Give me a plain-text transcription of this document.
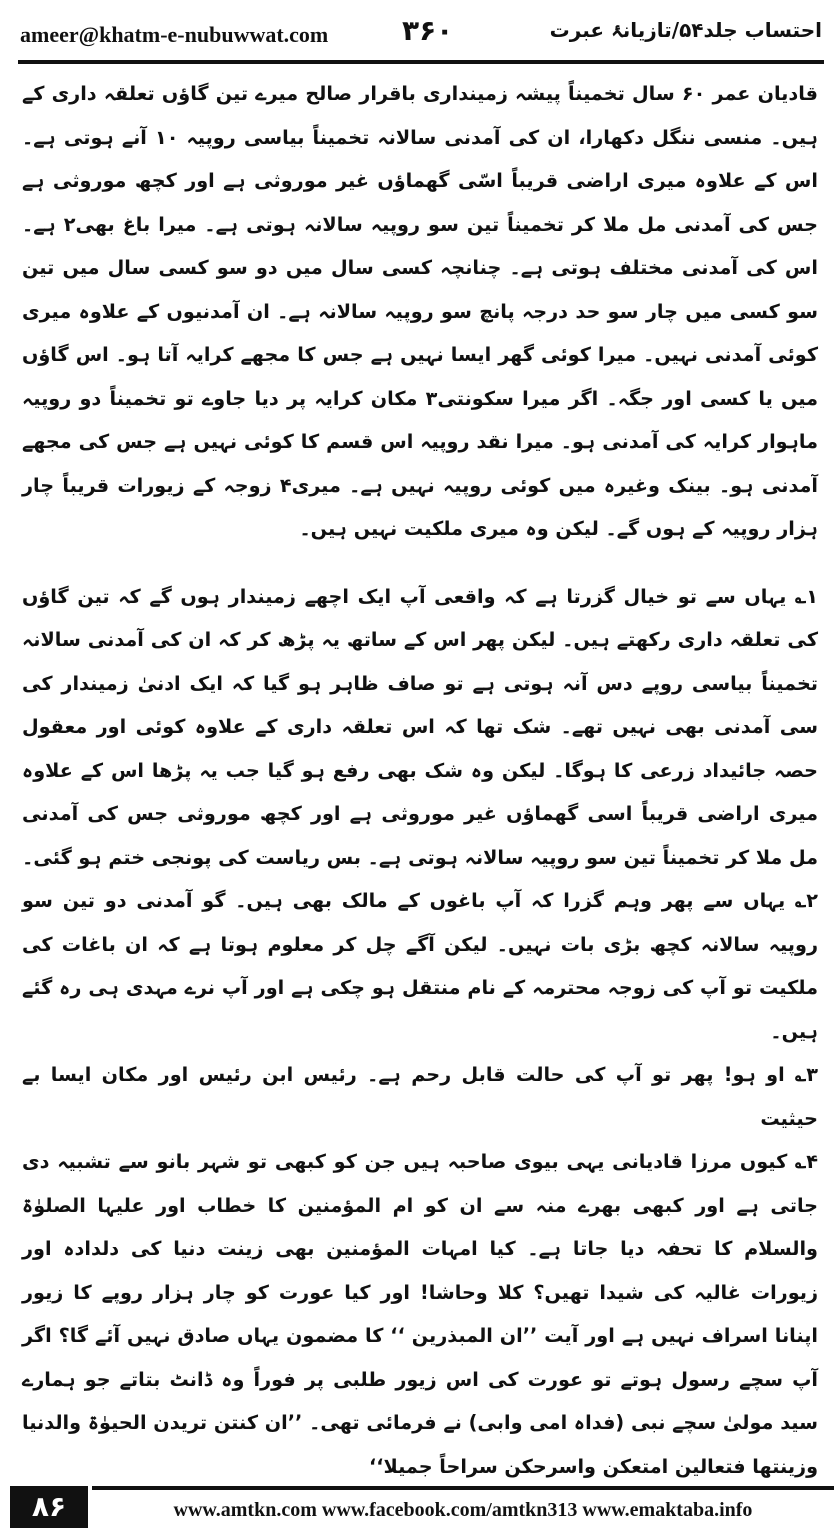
ameer@khatm-e-nubuwwat.com	۳۶۰	احتساب جلد۵۴/تازیانۂ عبرت

قادیان عمر ۶۰ سال تخمیناً پیشہ زمینداری باقرار صالح میرے تین گاؤں تعلقہ داری کے ہیں۔ منسی ننگل دکھارا، ان کی آمدنی سالانہ تخمیناً بیاسی روپیہ ۱۰ آنے ہوتی ہے۔ اس کے علاوہ میری اراضی قریباً اسّی گھماؤں غیر موروثی ہے اور کچھ موروثی ہے جس کی آمدنی مل ملا کر تخمیناً تین سو روپیہ سالانہ ہوتی ہے۔ میرا باغ بھی۲ ہے۔ اس کی آمدنی مختلف ہوتی ہے۔ چنانچہ کسی سال میں دو سو کسی سال میں تین سو کسی میں چار سو حد درجہ پانچ سو روپیہ سالانہ ہے۔ ان آمدنیوں کے علاوہ میری کوئی آمدنی نہیں۔ میرا کوئی گھر ایسا نہیں ہے جس کا مجھے کرایہ آتا ہو۔ اس گاؤں میں یا کسی اور جگہ۔ اگر میرا سکونتی۳ مکان کرایہ پر دیا جاوے تو تخمیناً دو روپیہ ماہوار کرایہ کی آمدنی ہو۔ میرا نقد روپیہ اس قسم کا کوئی نہیں ہے جس کی مجھے آمدنی ہو۔ بینک وغیرہ میں کوئی روپیہ نہیں ہے۔ میری۴ زوجہ کے زیورات قریباً چار ہزار روپیہ کے ہوں گے۔ لیکن وہ میری ملکیت نہیں ہیں۔

۱؎ یہاں سے تو خیال گزرتا ہے کہ واقعی آپ ایک اچھے زمیندار ہوں گے کہ تین گاؤں کی تعلقہ داری رکھتے ہیں۔ لیکن پھر اس کے ساتھ یہ پڑھ کر کہ ان کی آمدنی سالانہ تخمیناً بیاسی روپے دس آنہ ہوتی ہے تو صاف ظاہر ہو گیا کہ ایک ادنیٰ زمیندار کی سی آمدنی بھی نہیں تھے۔ شک تھا کہ اس تعلقہ داری کے علاوہ کوئی اور معقول حصہ جائیداد زرعی کا ہوگا۔ لیکن وہ شک بھی رفع ہو گیا جب یہ پڑھا اس کے علاوہ میری اراضی قریباً اسی گھماؤں غیر موروثی ہے اور کچھ موروثی جس کی آمدنی مل ملا کر تخمیناً تین سو روپیہ سالانہ ہوتی ہے۔ بس ریاست کی پونجی ختم ہو گئی۔

۲؎ یہاں سے پھر وہم گزرا کہ آپ باغوں کے مالک بھی ہیں۔ گو آمدنی دو تین سو روپیہ سالانہ کچھ بڑی بات نہیں۔ لیکن آگے چل کر معلوم ہوتا ہے کہ ان باغات کی ملکیت تو آپ کی زوجہ محترمہ کے نام منتقل ہو چکی ہے اور آپ نرے مہدی ہی رہ گئے ہیں۔

۳؎ او ہو! پھر تو آپ کی حالت قابل رحم ہے۔ رئیس ابن رئیس اور مکان ایسا بے حیثیت

۴؎ کیوں مرزا قادیانی یہی بیوی صاحبہ ہیں جن کو کبھی تو شہر بانو سے تشبیہ دی جاتی ہے اور کبھی بھرے منہ سے ان کو ام المؤمنین کا خطاب اور علیہا الصلوٰۃ والسلام کا تحفہ دیا جاتا ہے۔ کیا امہات المؤمنین بھی زینت دنیا کی دلدادہ اور زیورات غالیہ کی شیدا تھیں؟ کلا وحاشا! اور کیا عورت کو چار ہزار روپے کا زیور اپنانا اسراف نہیں ہے اور آیت ’’ان المبذرین ‘‘ کا مضمون یہاں صادق نہیں آئے گا؟ اگر آپ سچے رسول ہوتے تو عورت کی اس زیور طلبی پر فوراً وہ ڈانٹ بتاتے جو ہمارے سید مولیٰ سچے نبی (فداہ امی وابی) نے فرمائی تھی۔ ’’ان کنتن تریدن الحیوٰۃ والدنیا وزینتھا فتعالین امتعکن واسرحکن سراحاً جمیلا‘‘

۸۶	www.amtkn.com www.facebook.com/amtkn313 www.emaktaba.info
